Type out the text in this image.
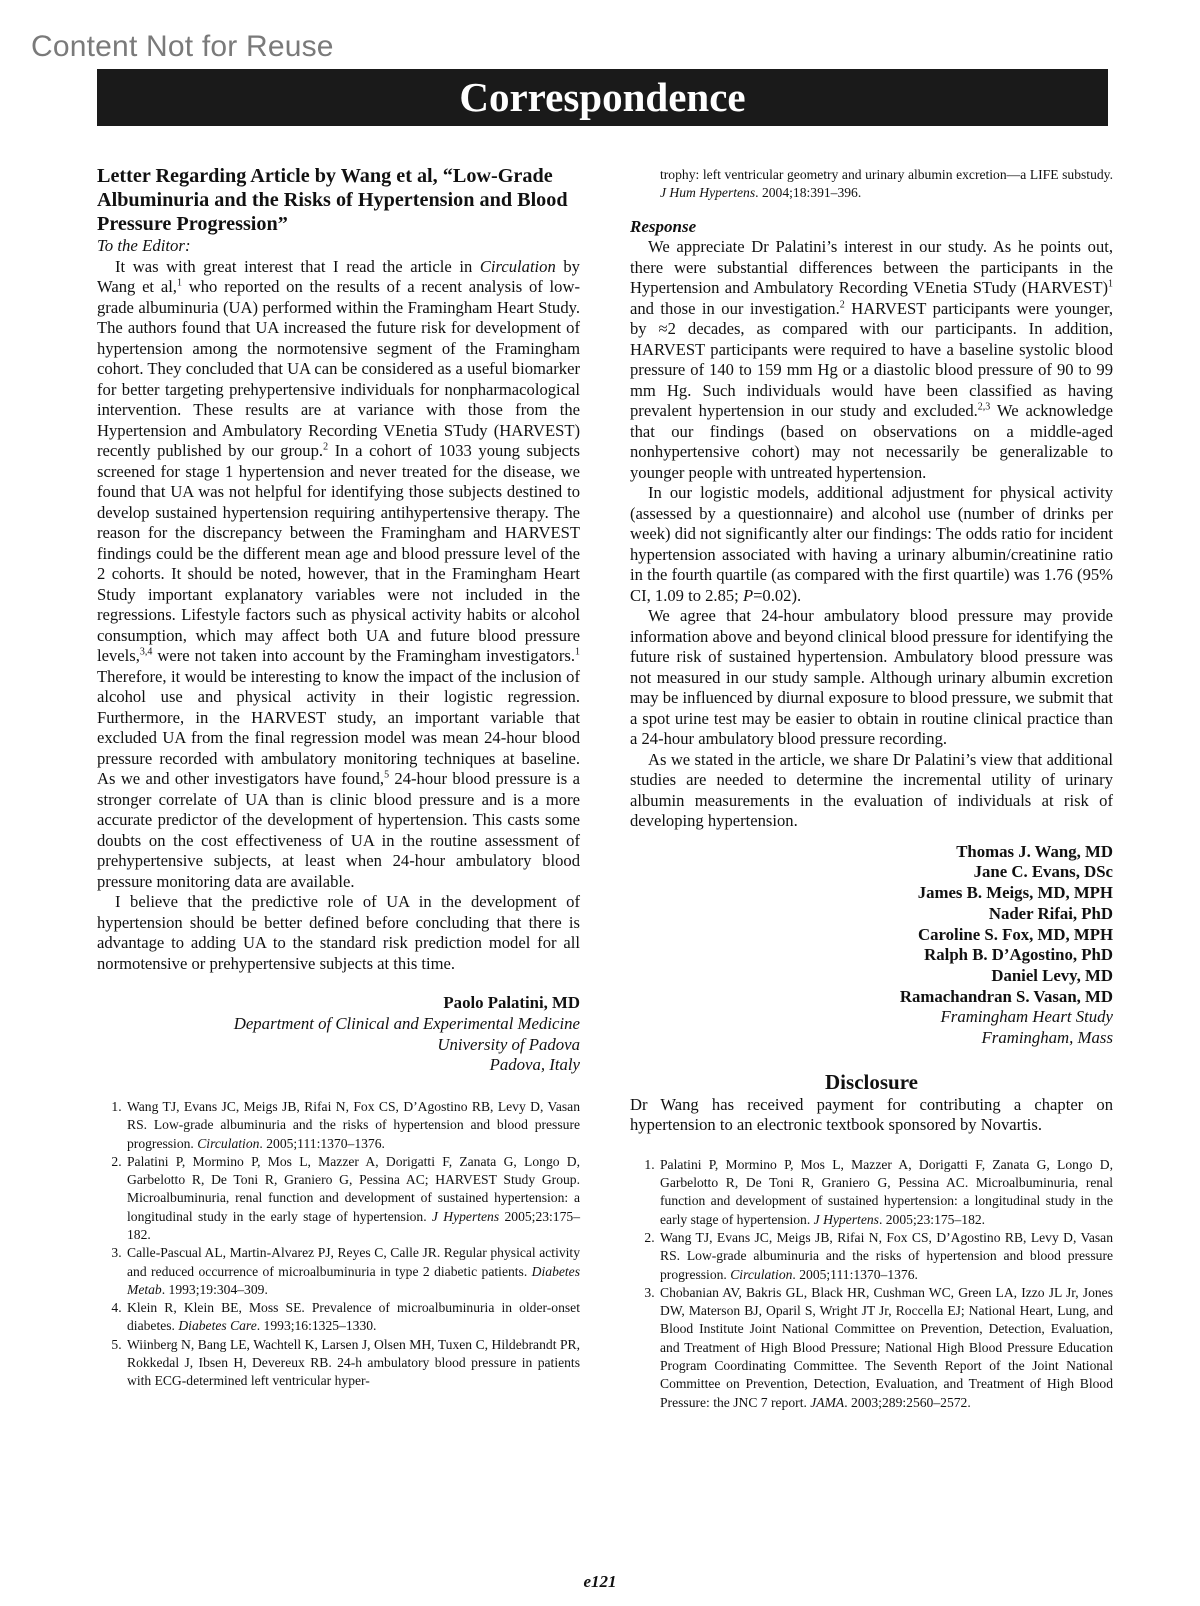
Content Not for Reuse
Correspondence
Letter Regarding Article by Wang et al, “Low-Grade Albuminuria and the Risks of Hypertension and Blood Pressure Progression”
To the Editor:

It was with great interest that I read the article in Circulation by Wang et al,$^1$ who reported on the results of a recent analysis of low-grade albuminuria (UA) performed within the Framingham Heart Study. The authors found that UA increased the future risk for development of hypertension among the normotensive segment of the Framingham cohort. They concluded that UA can be considered as a useful biomarker for better targeting prehypertensive individuals for nonpharmacological intervention. These results are at variance with those from the Hypertension and Ambulatory Recording VEnetia STudy (HARVEST) recently published by our group.$^2$ In a cohort of 1033 young subjects screened for stage 1 hypertension and never treated for the disease, we found that UA was not helpful for identifying those subjects destined to develop sustained hypertension requiring antihypertensive therapy. The reason for the discrepancy between the Framingham and HARVEST findings could be the different mean age and blood pressure level of the 2 cohorts. It should be noted, however, that in the Framingham Heart Study important explanatory variables were not included in the regressions. Lifestyle factors such as physical activity habits or alcohol consumption, which may affect both UA and future blood pressure levels,$^{3,4}$ were not taken into account by the Framingham investigators.$^1$ Therefore, it would be interesting to know the impact of the inclusion of alcohol use and physical activity in their logistic regression. Furthermore, in the HARVEST study, an important variable that excluded UA from the final regression model was mean 24-hour blood pressure recorded with ambulatory monitoring techniques at baseline. As we and other investigators have found,$^5$ 24-hour blood pressure is a stronger correlate of UA than is clinic blood pressure and is a more accurate predictor of the development of hypertension. This casts some doubts on the cost effectiveness of UA in the routine assessment of prehypertensive subjects, at least when 24-hour ambulatory blood pressure monitoring data are available.

I believe that the predictive role of UA in the development of hypertension should be better defined before concluding that there is advantage to adding UA to the standard risk prediction model for all normotensive or prehypertensive subjects at this time.

Paolo Palatini, MD
Department of Clinical and Experimental Medicine
University of Padova
Padova, Italy
1. Wang TJ, Evans JC, Meigs JB, Rifai N, Fox CS, D’Agostino RB, Levy D, Vasan RS. Low-grade albuminuria and the risks of hypertension and blood pressure progression. Circulation. 2005;111:1370–1376.
2. Palatini P, Mormino P, Mos L, Mazzer A, Dorigatti F, Zanata G, Longo D, Garbelotto R, De Toni R, Graniero G, Pessina AC; HARVEST Study Group. Microalbuminuria, renal function and development of sustained hypertension: a longitudinal study in the early stage of hypertension. J Hypertens 2005;23:175–182.
3. Calle-Pascual AL, Martin-Alvarez PJ, Reyes C, Calle JR. Regular physical activity and reduced occurrence of microalbuminuria in type 2 diabetic patients. Diabetes Metab. 1993;19:304–309.
4. Klein R, Klein BE, Moss SE. Prevalence of microalbuminuria in older-onset diabetes. Diabetes Care. 1993;16:1325–1330.
5. Wiinberg N, Bang LE, Wachtell K, Larsen J, Olsen MH, Tuxen C, Hildebrandt PR, Rokkedal J, Ibsen H, Devereux RB. 24-h ambulatory blood pressure in patients with ECG-determined left ventricular hyper-
trophy: left ventricular geometry and urinary albumin excretion—a LIFE substudy. J Hum Hypertens. 2004;18:391–396.
Response

We appreciate Dr Palatini’s interest in our study. As he points out, there were substantial differences between the participants in the Hypertension and Ambulatory Recording VEnetia STudy (HARVEST)$^1$ and those in our investigation.$^2$ HARVEST participants were younger, by ≈2 decades, as compared with our participants. In addition, HARVEST participants were required to have a baseline systolic blood pressure of 140 to 159 mm Hg or a diastolic blood pressure of 90 to 99 mm Hg. Such individuals would have been classified as having prevalent hypertension in our study and excluded.$^{2,3}$ We acknowledge that our findings (based on observations on a middle-aged nonhypertensive cohort) may not necessarily be generalizable to younger people with untreated hypertension.

In our logistic models, additional adjustment for physical activity (assessed by a questionnaire) and alcohol use (number of drinks per week) did not significantly alter our findings: The odds ratio for incident hypertension associated with having a urinary albumin/creatinine ratio in the fourth quartile (as compared with the first quartile) was 1.76 (95% CI, 1.09 to 2.85; P=0.02).

We agree that 24-hour ambulatory blood pressure may provide information above and beyond clinical blood pressure for identifying the future risk of sustained hypertension. Ambulatory blood pressure was not measured in our study sample. Although urinary albumin excretion may be influenced by diurnal exposure to blood pressure, we submit that a spot urine test may be easier to obtain in routine clinical practice than a 24-hour ambulatory blood pressure recording.

As we stated in the article, we share Dr Palatini’s view that additional studies are needed to determine the incremental utility of urinary albumin measurements in the evaluation of individuals at risk of developing hypertension.

Thomas J. Wang, MD
Jane C. Evans, DSc
James B. Meigs, MD, MPH
Nader Rifai, PhD
Caroline S. Fox, MD, MPH
Ralph B. D’Agostino, PhD
Daniel Levy, MD
Ramachandran S. Vasan, MD
Framingham Heart Study
Framingham, Mass
Disclosure

Dr Wang has received payment for contributing a chapter on hypertension to an electronic textbook sponsored by Novartis.

1. Palatini P, Mormino P, Mos L, Mazzer A, Dorigatti F, Zanata G, Longo D, Garbelotto R, De Toni R, Graniero G, Pessina AC. Microalbuminuria, renal function and development of sustained hypertension: a longitudinal study in the early stage of hypertension. J Hypertens. 2005;23:175–182.
2. Wang TJ, Evans JC, Meigs JB, Rifai N, Fox CS, D’Agostino RB, Levy D, Vasan RS. Low-grade albuminuria and the risks of hypertension and blood pressure progression. Circulation. 2005;111:1370–1376.
3. Chobanian AV, Bakris GL, Black HR, Cushman WC, Green LA, Izzo JL Jr, Jones DW, Materson BJ, Oparil S, Wright JT Jr, Roccella EJ; National Heart, Lung, and Blood Institute Joint National Committee on Prevention, Detection, Evaluation, and Treatment of High Blood Pressure; National High Blood Pressure Education Program Coordinating Committee. The Seventh Report of the Joint National Committee on Prevention, Detection, Evaluation, and Treatment of High Blood Pressure: the JNC 7 report. JAMA. 2003;289:2560–2572.
e121
